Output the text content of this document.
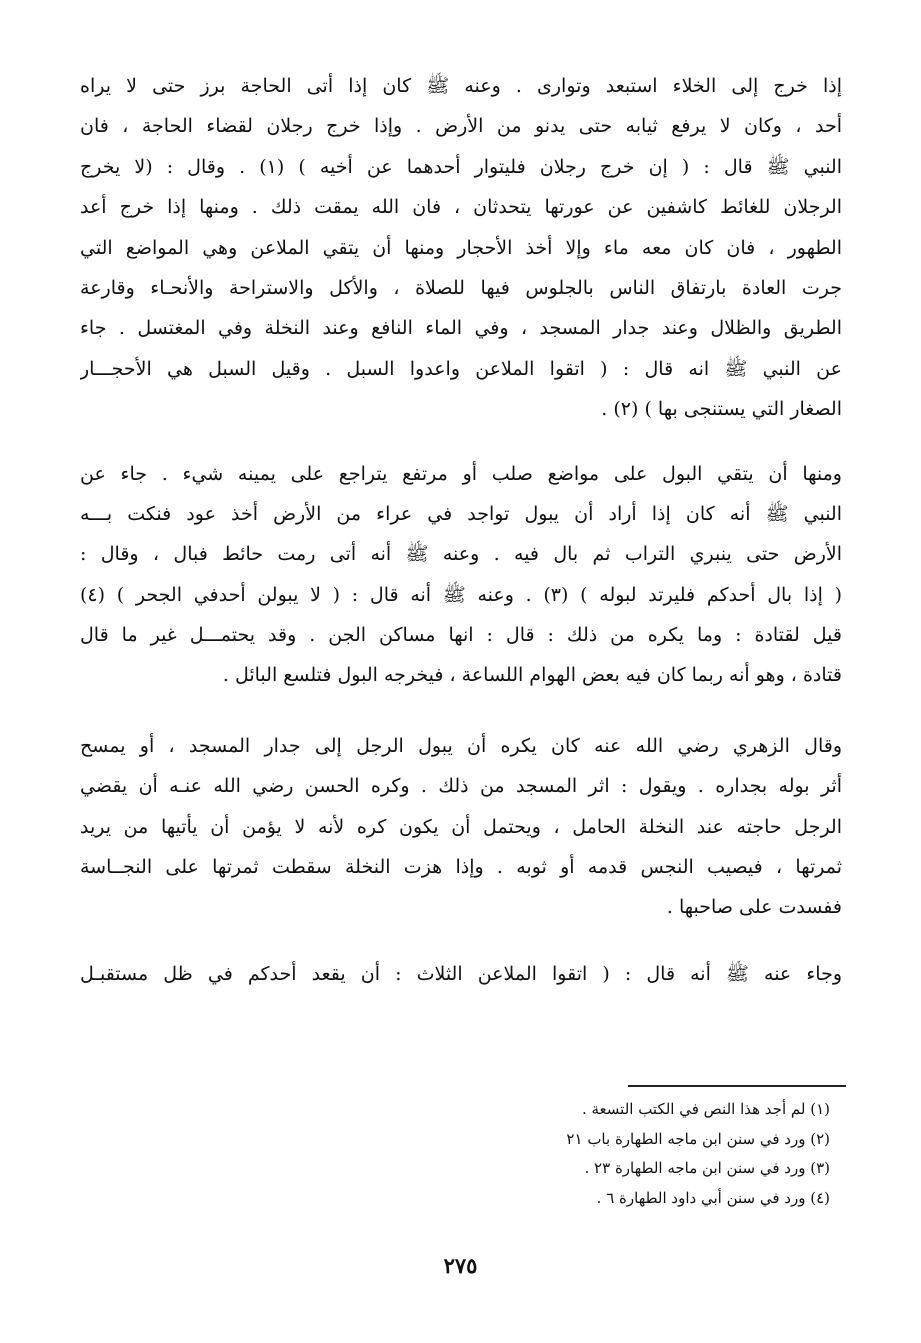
إذا خرج إلى الخلاء استبعد وتوارى . وعنه ﷺ كان إذا أتى الحاجة برز حتى لا يراه
أحد ، وكان لا يرفع ثيابه حتى يدنو من الأرض . وإذا خرج رجلان لقضاء الحاجة ، فان
النبي ﷺ قال : ( إن خرج رجلان فليتوار أحدهما عن أخيه ) (١) . وقال : (لا يخرج
الرجلان للغائط كاشفين عن عورتها يتحدثان ، فان الله يمقت ذلك . ومنها إذا خرج أعد
الطهور ، فان كان معه ماء وإلا أخذ الأحجار ومنها أن يتقي الملاعن وهي المواضع التي
جرت العادة بارتفاق الناس بالجلوس فيها للصلاة ، والأكل والاستراحة والأنحـاء وقارعة
الطريق والظلال وعند جدار المسجد ، وفي الماء النافع وعند النخلة وفي المغتسل . جاء
عن النبي ﷺ انه قال : ( اتقوا الملاعن واعدوا السبل . وقيل السبل هي الأحجـــار
الصغار التي يستنجى بها ) (٢) .
ومنها أن يتقي البول على مواضع صلب أو مرتفع يتراجع على يمينه شيء . جاء عن
النبي ﷺ أنه كان إذا أراد أن يبول تواجد في عراء من الأرض أخذ عود فنكت بـــه
الأرض حتى ينبري التراب ثم بال فيه . وعنه ﷺ أنه أتى رمت حائط فبال ، وقال :
( إذا بال أحدكم فليرتد لبوله ) (٣) . وعنه ﷺ أنه قال : ( لا يبولن أحدفي الجحر ) (٤)
قيل لقتادة : وما يكره من ذلك : قال : انها مساكن الجن . وقد يحتمـــل غير ما قال
قتادة ، وهو أنه ربما كان فيه بعض الهوام اللساعة ، فيخرجه البول فتلسع البائل .
وقال الزهري رضي الله عنه كان يكره أن يبول الرجل إلى جدار المسجد ، أو يمسح
أثر بوله بجداره . ويقول : اثر المسجد من ذلك . وكره الحسن رضي الله عنـه أن يقضي
الرجل حاجته عند النخلة الحامل ، ويحتمل أن يكون كره لأنه لا يؤمن أن يأتيها من يريد
ثمرتها ، فيصيب النجس قدمه أو ثوبه . وإذا هزت النخلة سقطت ثمرتها على النجــاسة
ففسدت على صاحبها .
وجاء عنه ﷺ أنه قال : ( اتقوا الملاعن الثلاث : أن يقعد أحدكم في ظل مستقبـل
(١) لم أجد هذا النص في الكتب التسعة .
(٢) ورد في سنن ابن ماجه الطهارة باب ٢١
(٣) ورد في سنن ابن ماجه الطهارة ٢٣ .
(٤) ورد في سنن أبي داود الطهارة ٦ .
٢٧٥
